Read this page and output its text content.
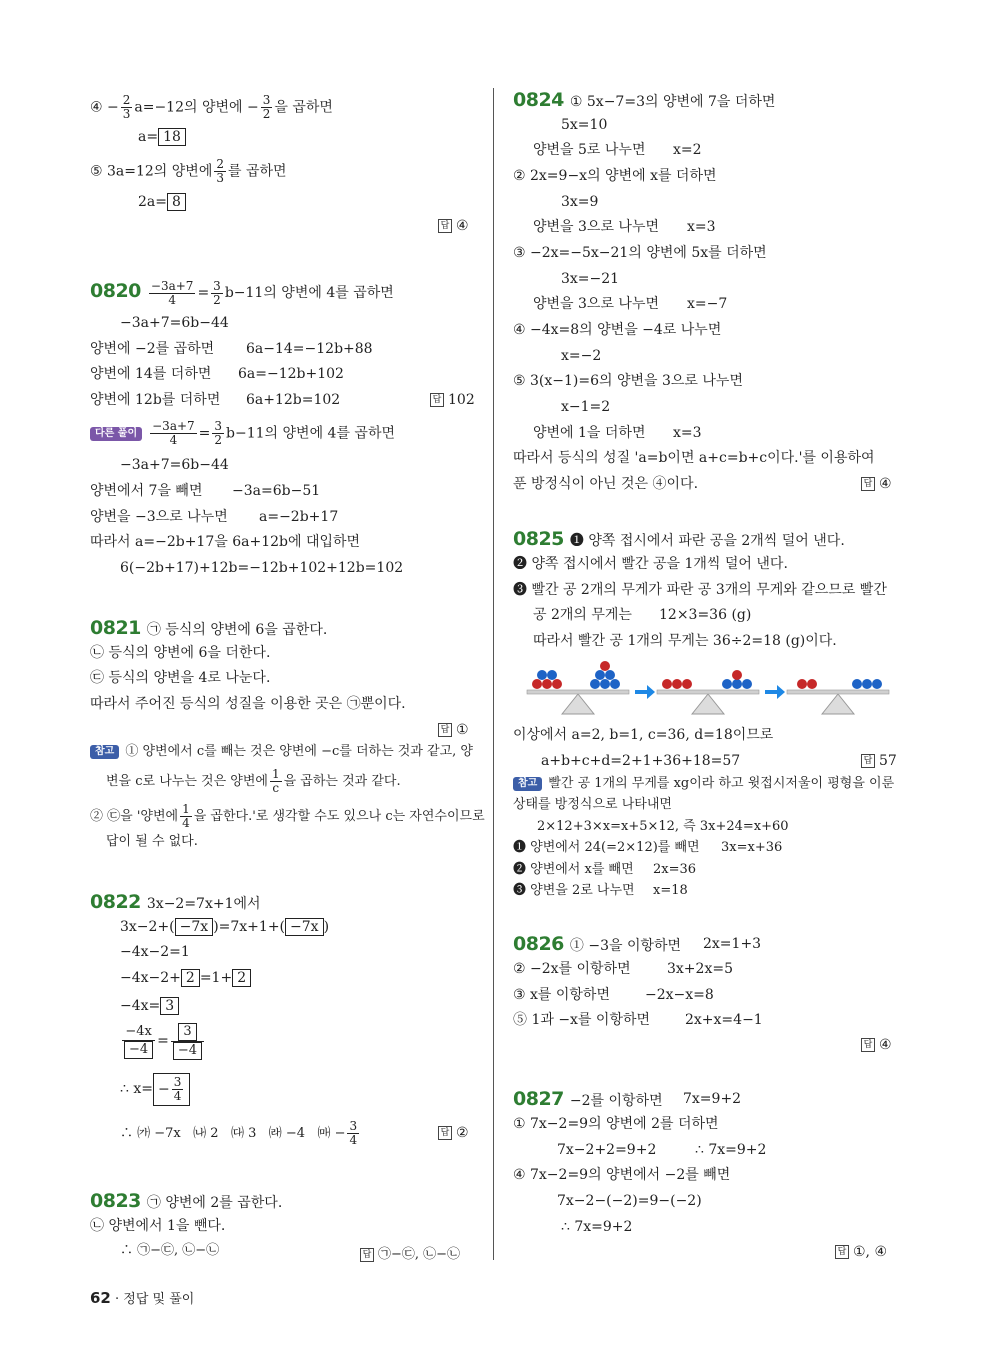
④ − $\frac{2}{3} a=-12$의 양변에 − $\frac{3}{2}$ 을 곱하면
a= 18
⑤ 3a=12의 양변에 $\frac{2}{3}$ 를 곱하면
2a= 8
답 ④
$0820 \frac{-3a+7}{4} = \frac{3}{2} b-11$의 양변에 4를 곱하면
−3a+7=6b−44
양변에 −2를 곱하면 6a−14=−12b+88
양변에 14를 더하면 6a=−12b+102
양변에 12b를 더하면 6a+12b=102	답 102
다른 풀이 $\frac{-3a+7}{4} = \frac{3}{2} b-11$의 양변에 4를 곱하면
−3a+7=6b−44
양변에서 7을 빼면 −3a=6b−51
양변을 −3으로 나누면 a=−2b+17
따라서 a=−2b+17을 6a+12b에 대입하면
6(−2b+17)+12b=−12b+102+12b=102
0821 ㉠ 등식의 양변에 6을 곱한다.
㉡ 등식의 양변에 6을 더한다.
㉢ 등식의 양변을 4로 나눈다.
따라서 주어진 등식의 성질을 이용한 곳은 ㉠뿐이다.
답 ①
참고 ① 양변에서 c를 빼는 것은 양변에 −c를 더하는 것과 같고, 양
변을 c로 나누는 것은 양변에 $\frac{1}{c}$ 을 곱하는 것과 같다.
② ㉢을 '양변에 $\frac{1}{4}$ 을 곱한다.'로 생각할 수도 있으나 c는 자연수이므로
답이 될 수 없다.
0822 3x−2=7x+1에서
3x−2+( −7x )=7x+1+( −7x )
−4x−2=1
−4x−2+ 2 =1+ 2
−4x= 3
$\frac{-4x}{-4} = \frac{3}{-4}$
∴ $x= - \frac{3}{4}$
∴ ㈎ −7x   ㈏ 2   ㈐ 3   ㈑ −4   ㈒ − $\frac{3}{4}$	답 ②
0823 ㉠ 양변에 2를 곱한다.
㉡ 양변에서 1을 뺀다.
∴ ㉠−㉢, ㉡−㉡	답 ㉠−㉢, ㉡−㉡
0824 ① 5x−7=3의 양변에 7을 더하면
5x=10
양변을 5로 나누면 x=2
② 2x=9−x의 양변에 x를 더하면
3x=9
양변을 3으로 나누면 x=3
③ −2x=−5x−21의 양변에 5x를 더하면
3x=−21
양변을 3으로 나누면 x=−7
④ −4x=8의 양변을 −4로 나누면
x=−2
⑤ 3(x−1)=6의 양변을 3으로 나누면
x−1=2
양변에 1을 더하면 x=3
따라서 등식의 성질 'a=b이면 a+c=b+c이다.'를 이용하여
푼 방정식이 아닌 것은 ④이다.	답 ④
0825 ❶ 양쪽 접시에서 파란 공을 2개씩 덜어 낸다.
❷ 양쪽 접시에서 빨간 공을 1개씩 덜어 낸다.
❸ 빨간 공 2개의 무게가 파란 공 3개의 무게와 같으므로 빨간
공 2개의 무게는 12×3=36 (g)
따라서 빨간 공 1개의 무게는 36÷2=18 (g)이다.
이상에서 a=2, b=1, c=36, d=18이므로
a+b+c+d=2+1+36+18=57	답 57
참고 빨간 공 1개의 무게를 xg이라 하고 윗접시저울이 평형을 이룬
상태를 방정식으로 나타내면
2×12+3×x=x+5×12, 즉 3x+24=x+60
❶ 양변에서 24(=2×12)를 빼면 3x=x+36
❷ 양변에서 x를 빼면 2x=36
❸ 양변을 2로 나누면 x=18
0826 ① −3을 이항하면 2x=1+3
② −2x를 이항하면	3x+2x=5
③ x를 이항하면	−2x−x=8
⑤ 1과 −x를 이항하면 2x+x=4−1
답 ④
0827 −2를 이항하면 7x=9+2
① 7x−2=9의 양변에 2를 더하면
7x−2+2=9+2	∴ 7x=9+2
④ 7x−2=9의 양변에서 −2를 빼면
7x−2−(−2)=9−(−2)
∴ 7x=9+2
답 ①, ④
62 · 정답 및 풀이
